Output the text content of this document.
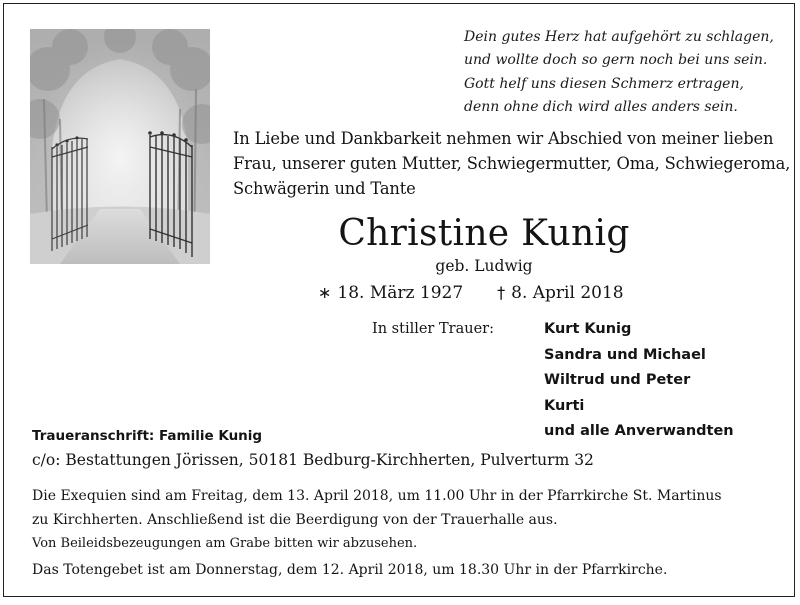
Dein gutes Herz hat aufgehört zu schlagen,
und wollte doch so gern noch bei uns sein.
Gott helf uns diesen Schmerz ertragen,
denn ohne dich wird alles anders sein.
In Liebe und Dankbarkeit nehmen wir Abschied von meiner lieben
Frau, unserer guten Mutter, Schwiegermutter, Oma, Schwiegeroma,
Schwägerin und Tante
Christine Kunig
geb. Ludwig
∗ 18. März 1927 † 8. April 2018
In stiller Trauer:	Kurt Kunig
Sandra und Michael
Wiltrud und Peter
Kurti
und alle Anverwandten
Traueranschrift: Familie Kunig
c/o: Bestattungen Jörissen, 50181 Bedburg-Kirchherten, Pulverturm 32
Die Exequien sind am Freitag, dem 13. April 2018, um 11.00 Uhr in der Pfarrkirche St. Martinus
zu Kirchherten. Anschließend ist die Beerdigung von der Trauerhalle aus.
Von Beileidsbezeugungen am Grabe bitten wir abzusehen.
Das Totengebet ist am Donnerstag, dem 12. April 2018, um 18.30 Uhr in der Pfarrkirche.
